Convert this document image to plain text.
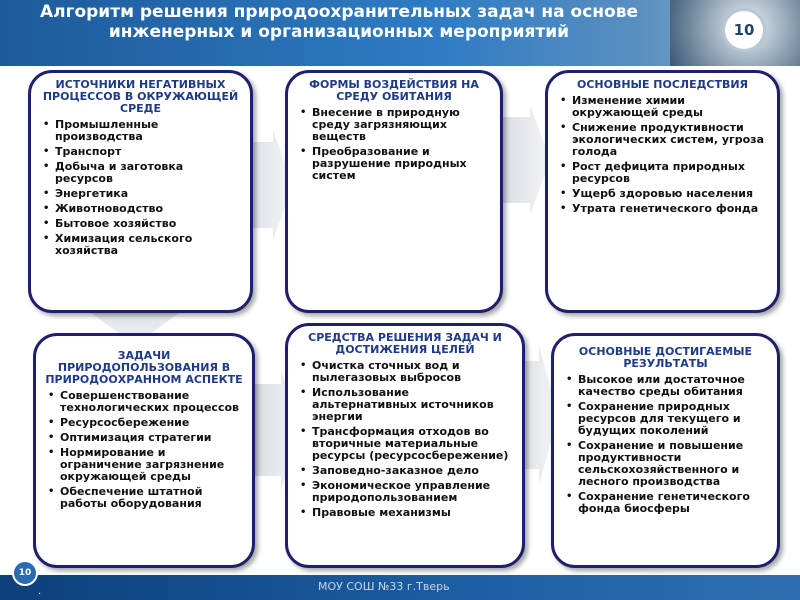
Алгоритм решения природоохранительных задач на основе инженерных и организационных мероприятий	10
ИСТОЧНИКИ НЕГАТИВНЫХ ПРОЦЕССОВ В ОКРУЖАЮЩЕЙ СРЕДЕ
• Промышленные производства
• Транспорт
• Добыча и заготовка ресурсов
• Энергетика
• Животноводство
• Бытовое хозяйство
• Химизация сельского хозяйства
ФОРМЫ ВОЗДЕЙСТВИЯ НА СРЕДУ ОБИТАНИЯ
• Внесение в природную среду загрязняющих веществ
• Преобразование и разрушение природных систем
ОСНОВНЫЕ ПОСЛЕДСТВИЯ
• Изменение химии окружающей среды
• Снижение продуктивности экологических систем, угроза голода
• Рост дефицита природных ресурсов
• Ущерб здоровью населения
• Утрата генетического фонда
ЗАДАЧИ ПРИРОДОПОЛЬЗОВАНИЯ В ПРИРОДООХРАННОМ АСПЕКТЕ
• Совершенствование технологических процессов
• Ресурсосбережение
• Оптимизация стратегии
• Нормирование и ограничение загрязнение окружающей среды
• Обеспечение штатной работы оборудования
СРЕДСТВА РЕШЕНИЯ ЗАДАЧ И ДОСТИЖЕНИЯ ЦЕЛЕЙ
• Очистка сточных вод и пылегазовых выбросов
• Использование альтернативных источников энергии
• Трансформация отходов во вторичные материальные ресурсы (ресурсосбережение)
• Заповедно-заказное дело
• Экономическое управление природопользованием
• Правовые механизмы
ОСНОВНЫЕ ДОСТИГАЕМЫЕ РЕЗУЛЬТАТЫ
• Высокое или достаточное качество среды обитания
• Сохранение природных ресурсов для текущего и будущих поколений
• Сохранение и повышение продуктивности сельскохозяйственного и лесного производства
• Сохранение генетического фонда биосферы
МОУ СОШ №33 г.Тверь
10
.
